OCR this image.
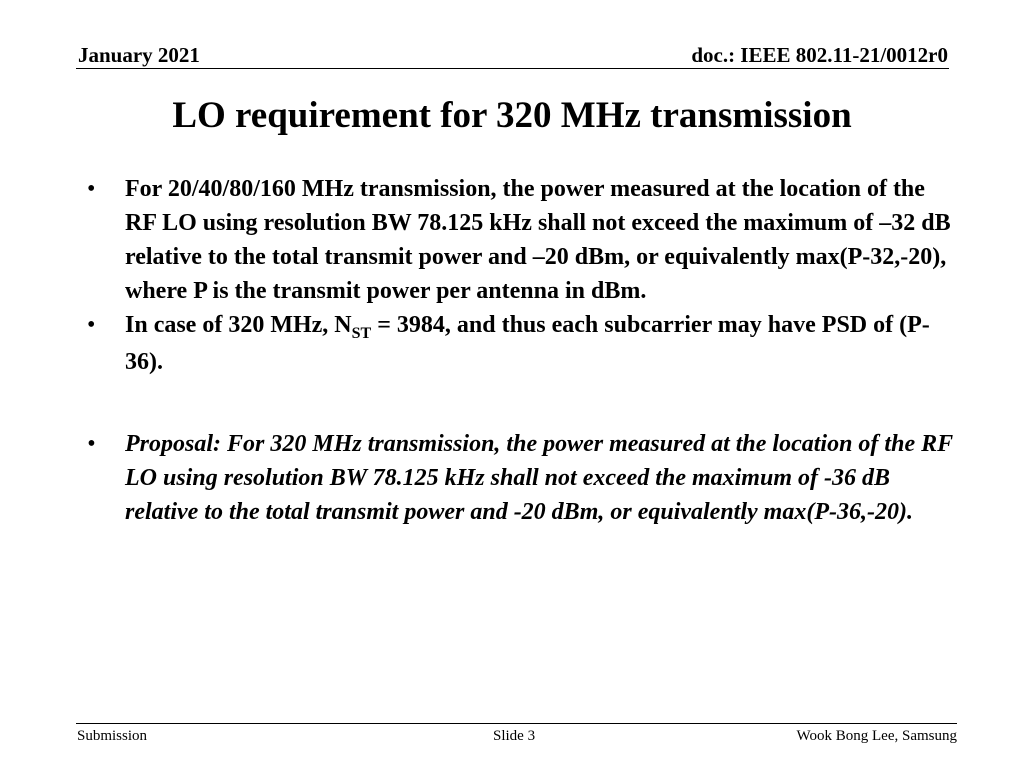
January 2021	doc.: IEEE 802.11-21/0012r0
LO requirement for 320 MHz transmission
• For 20/40/80/160 MHz transmission, the power measured at the location of the RF LO using resolution BW 78.125 kHz shall not exceed the maximum of –32 dB relative to the total transmit power and –20 dBm, or equivalently max(P-32,-20), where P is the transmit power per antenna in dBm.
• In case of 320 MHz, $N_{ST} = 3984$, and thus each subcarrier may have PSD of (P-36).
• Proposal: For 320 MHz transmission, the power measured at the location of the RF LO using resolution BW 78.125 kHz shall not exceed the maximum of -36 dB relative to the total transmit power and -20 dBm, or equivalently max(P-36,-20).
Submission	Slide 3	Wook Bong Lee, Samsung
